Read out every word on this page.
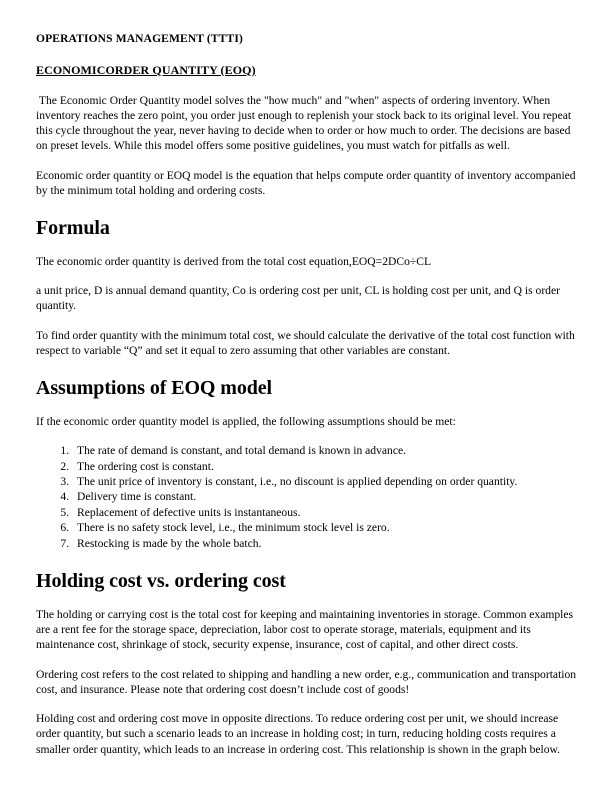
OPERATIONS MANAGEMENT (TTTI)
ECONOMICORDER QUANTITY (EOQ)

The Economic Order Quantity model solves the "how much" and "when" aspects of ordering inventory. When inventory reaches the zero point, you order just enough to replenish your stock back to its original level. You repeat this cycle throughout the year, never having to decide when to order or how much to order. The decisions are based on preset levels. While this model offers some positive guidelines, you must watch for pitfalls as well.

Economic order quantity or EOQ model is the equation that helps compute order quantity of inventory accompanied by the minimum total holding and ordering costs.

Formula

The economic order quantity is derived from the total cost equation,EOQ=2DCo÷CL

a unit price, D is annual demand quantity, Co is ordering cost per unit, CL is holding cost per unit, and Q is order quantity.

To find order quantity with the minimum total cost, we should calculate the derivative of the total cost function with respect to variable “Q” and set it equal to zero assuming that other variables are constant.

Assumptions of EOQ model

If the economic order quantity model is applied, the following assumptions should be met:

1. The rate of demand is constant, and total demand is known in advance.
2. The ordering cost is constant.
3. The unit price of inventory is constant, i.e., no discount is applied depending on order quantity.
4. Delivery time is constant.
5. Replacement of defective units is instantaneous.
6. There is no safety stock level, i.e., the minimum stock level is zero.
7. Restocking is made by the whole batch.
Holding cost vs. ordering cost

The holding or carrying cost is the total cost for keeping and maintaining inventories in storage. Common examples are a rent fee for the storage space, depreciation, labor cost to operate storage, materials, equipment and its maintenance cost, shrinkage of stock, security expense, insurance, cost of capital, and other direct costs.

Ordering cost refers to the cost related to shipping and handling a new order, e.g., communication and transportation cost, and insurance. Please note that ordering cost doesn’t include cost of goods!

Holding cost and ordering cost move in opposite directions. To reduce ordering cost per unit, we should increase order quantity, but such a scenario leads to an increase in holding cost; in turn, reducing holding costs requires a smaller order quantity, which leads to an increase in ordering cost. This relationship is shown in the graph below.
